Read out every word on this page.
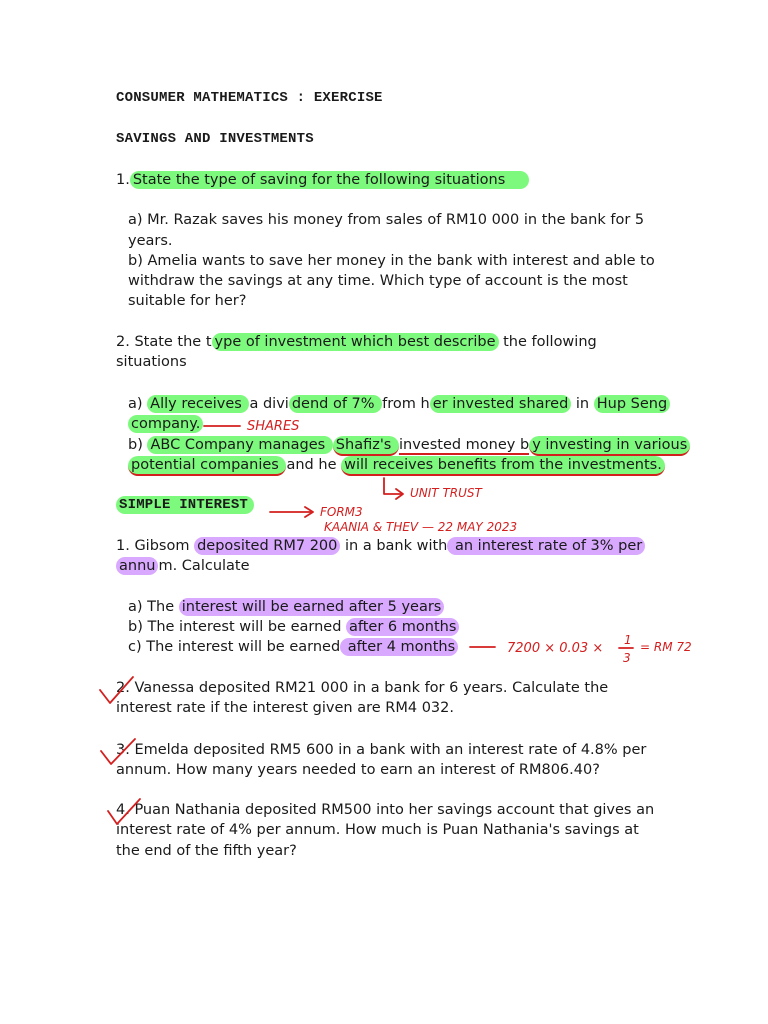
CONSUMER MATHEMATICS : EXERCISE
SAVINGS AND INVESTMENTS
1. State the type of saving for the following situations
a) Mr. Razak saves his money from sales of RM10 000 in the bank for 5
years.
b) Amelia wants to save her money in the bank with interest and able to
withdraw the savings at any time. Which type of account is the most
suitable for her?
2. State the t ype of investment which best describe the following
situations
a) Ally receives a divi dend of 7% from h er invested shared in Hup Seng
company.
b) ABC Company manages Shafiz's invested money b y investing in various
potential companies and he will receives benefits from the investments.
SIMPLE INTEREST
1. Gibsom deposited RM7 200 in a bank with an interest rate of 3% per
annu m. Calculate
a) The interest will be earned after 5 years
b) The interest will be earned after 6 months
c) The interest will be earned after 4 months
2. Vanessa deposited RM21 000 in a bank for 6 years. Calculate the
interest rate if the interest given are RM4 032.
3. Emelda deposited RM5 600 in a bank with an interest rate of 4.8% per
annum. How many years needed to earn an interest of RM806.40?
4. Puan Nathania deposited RM500 into her savings account that gives an
interest rate of 4% per annum. How much is Puan Nathania's savings at
the end of the fifth year?
SHARES
UNIT TRUST
FORM3
KAANIA & THEV — 22 MAY 2023
7200 × 0.03 ×
1
3
= RM 72
